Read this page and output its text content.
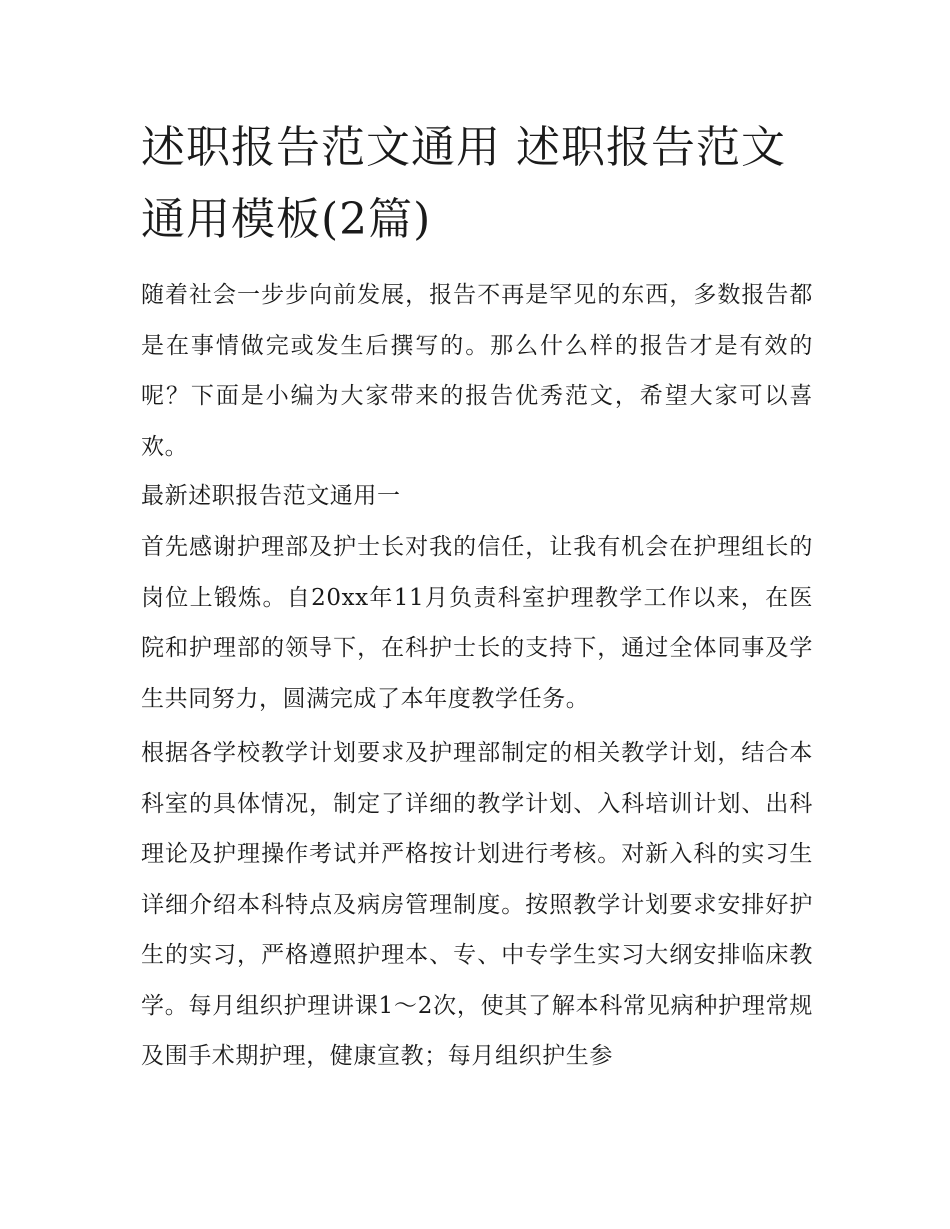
述职报告范文通用 述职报告范文通用模板(2篇)

随着社会一步步向前发展，报告不再是罕见的东西，多数报告都是在事情做完或发生后撰写的。那么什么样的报告才是有效的呢？下面是小编为大家带来的报告优秀范文，希望大家可以喜欢。

最新述职报告范文通用一

首先感谢护理部及护士长对我的信任，让我有机会在护理组长的岗位上锻炼。自20xx年11月负责科室护理教学工作以来，在医院和护理部的领导下，在科护士长的支持下，通过全体同事及学生共同努力，圆满完成了本年度教学任务。

根据各学校教学计划要求及护理部制定的相关教学计划，结合本科室的具体情况，制定了详细的教学计划、入科培训计划、出科理论及护理操作考试并严格按计划进行考核。对新入科的实习生详细介绍本科特点及病房管理制度。按照教学计划要求安排好护生的实习，严格遵照护理本、专、中专学生实习大纲安排临床教学。每月组织护理讲课1～2次，使其了解本科常见病种护理常规及围手术期护理，健康宣教；每月组织护生参
